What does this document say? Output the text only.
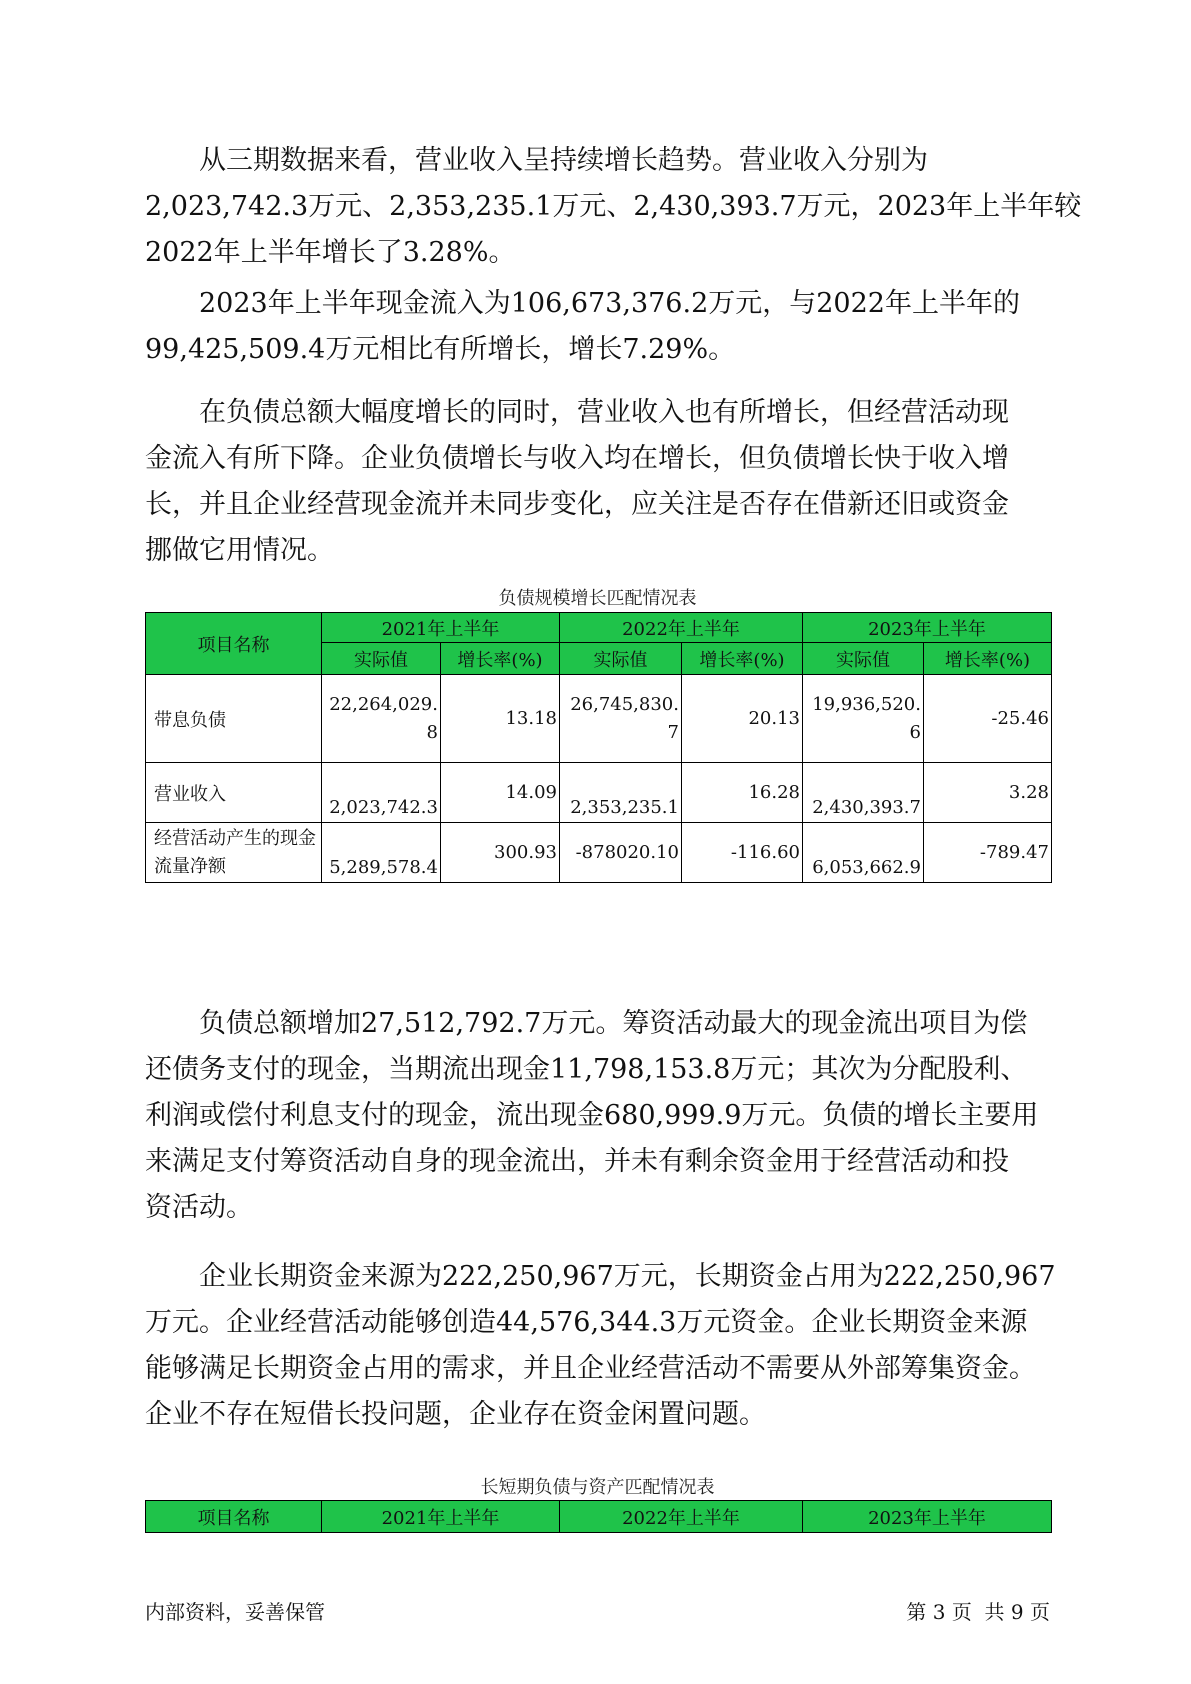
从三期数据来看，营业收入呈持续增长趋势。营业收入分别为
2,023,742.3万元、2,353,235.1万元、2,430,393.7万元，2023年上半年较
2022年上半年增长了3.28%。
2023年上半年现金流入为106,673,376.2万元，与2022年上半年的
99,425,509.4万元相比有所增长，增长7.29%。
在负债总额大幅度增长的同时，营业收入也有所增长，但经营活动现
金流入有所下降。企业负债增长与收入均在增长，但负债增长快于收入增
长，并且企业经营现金流并未同步变化，应关注是否存在借新还旧或资金
挪做它用情况。
负债规模增长匹配情况表
项目名称	2021年上半年		2022年上半年		2023年上半年	
	实际值	增长率(%)	实际值	增长率(%)	实际值	增长率(%)
带息负债	22,264,029.8	13.18	26,745,830.7	20.13	19,936,520.6	-25.46
营业收入	2,023,742.3	14.09	2,353,235.1	16.28	2,430,393.7	3.28
经营活动产生的现金流量净额	5,289,578.4	300.93	-878020.10	-116.60	6,053,662.9	-789.47
负债总额增加27,512,792.7万元。筹资活动最大的现金流出项目为偿
还债务支付的现金，当期流出现金11,798,153.8万元；其次为分配股利、
利润或偿付利息支付的现金，流出现金680,999.9万元。负债的增长主要用
来满足支付筹资活动自身的现金流出，并未有剩余资金用于经营活动和投
资活动。
企业长期资金来源为222,250,967万元，长期资金占用为222,250,967
万元。企业经营活动能够创造44,576,344.3万元资金。企业长期资金来源
能够满足长期资金占用的需求，并且企业经营活动不需要从外部筹集资金。
企业不存在短借长投问题，企业存在资金闲置问题。
长短期负债与资产匹配情况表
项目名称	2021年上半年	2022年上半年	2023年上半年
内部资料，妥善保管	第 3 页  共 9 页
